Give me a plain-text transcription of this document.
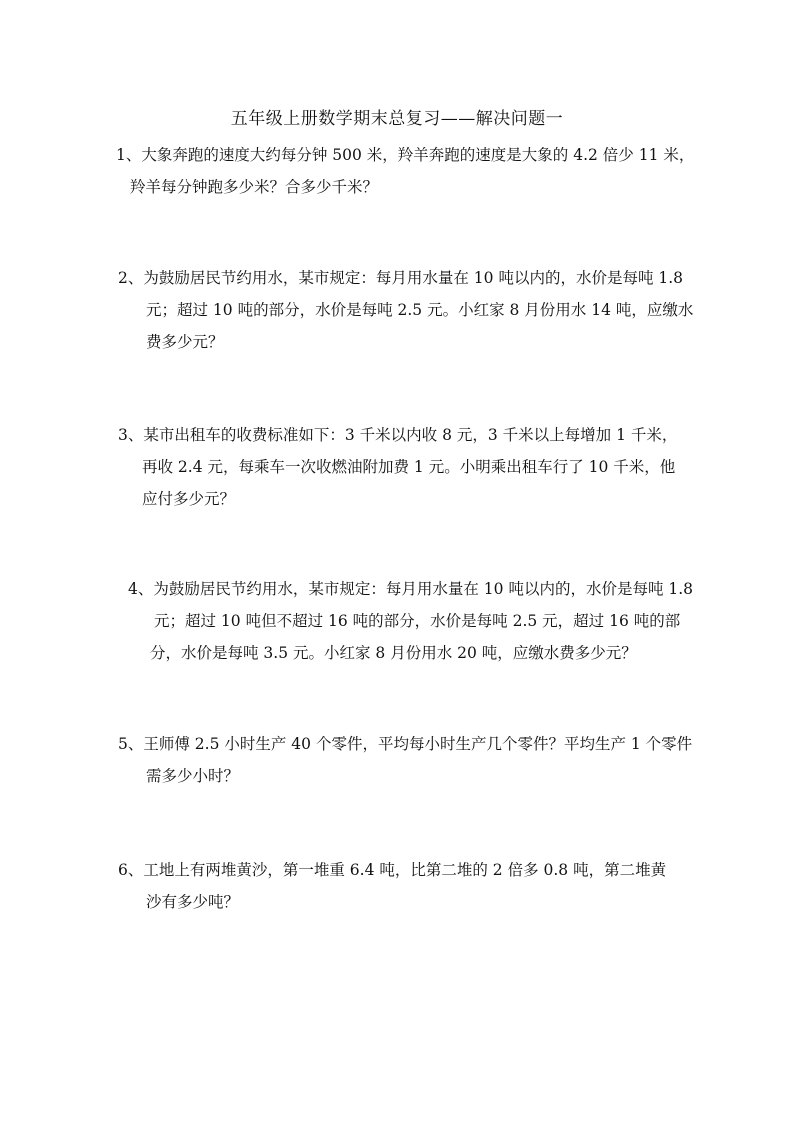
五年级上册数学期末总复习——解决问题一
1、大象奔跑的速度大约每分钟 500 米，羚羊奔跑的速度是大象的 4.2 倍少 11 米，
羚羊每分钟跑多少米？合多少千米？
2、为鼓励居民节约用水，某市规定：每月用水量在 10 吨以内的，水价是每吨 1.8
元；超过 10 吨的部分，水价是每吨 2.5 元。小红家 8 月份用水 14 吨，应缴水
费多少元？
3、某市出租车的收费标准如下：3 千米以内收 8 元，3 千米以上每增加 1 千米，
再收 2.4 元，每乘车一次收燃油附加费 1 元。小明乘出租车行了 10 千米，他
应付多少元？
4、为鼓励居民节约用水，某市规定：每月用水量在 10 吨以内的，水价是每吨 1.8
元；超过 10 吨但不超过 16 吨的部分，水价是每吨 2.5 元，超过 16 吨的部
分，水价是每吨 3.5 元。小红家 8 月份用水 20 吨，应缴水费多少元？
5、王师傅 2.5 小时生产 40 个零件，平均每小时生产几个零件？平均生产 1 个零件
需多少小时？
6、工地上有两堆黄沙，第一堆重 6.4 吨，比第二堆的 2 倍多 0.8 吨，第二堆黄
沙有多少吨？
